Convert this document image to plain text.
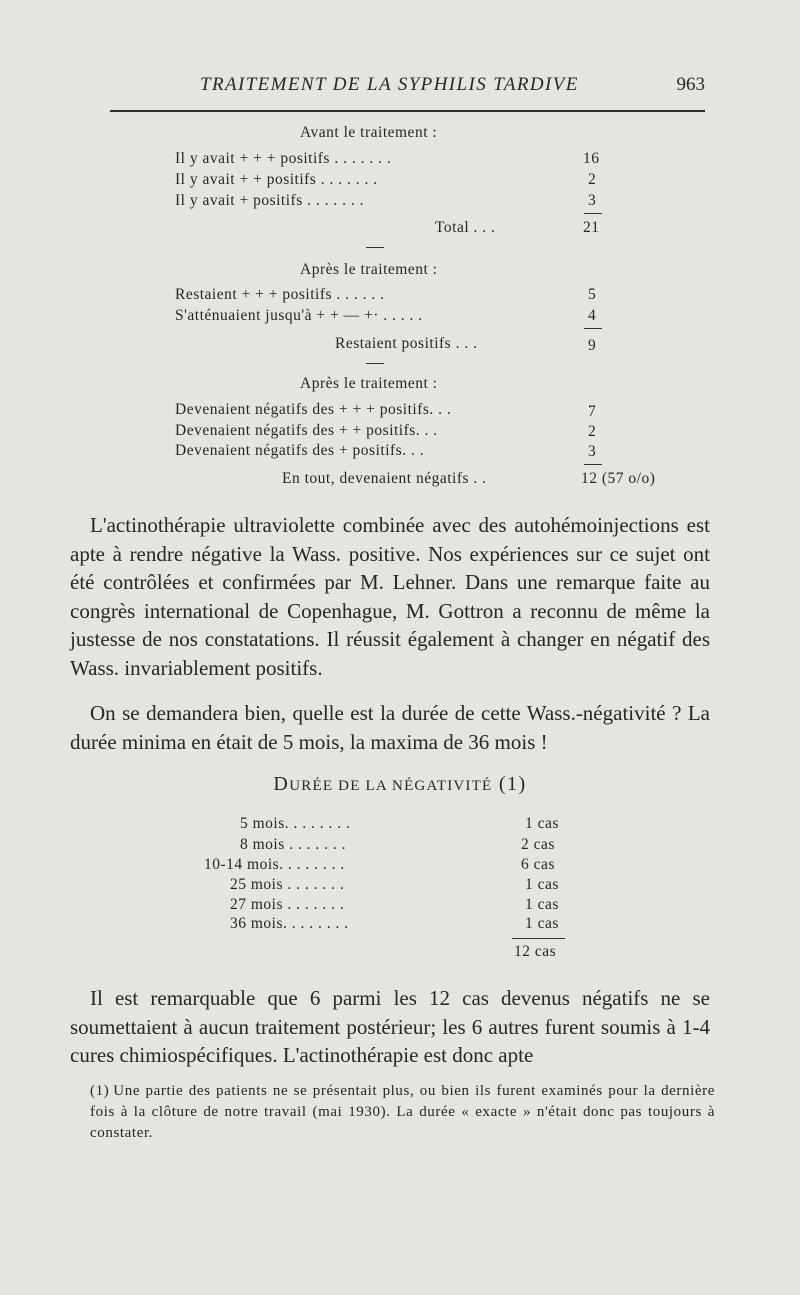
TRAITEMENT DE LA SYPHILIS TARDIVE	963
Avant le traitement :
Il y avait + + + positifs . . . . . . .	16
Il y avait + + positifs . . . . . . .	2
Il y avait + positifs . . . . . . .	3
Total . . .	21
Après le traitement :
Restaient + + + positifs . . . . . .	5
S'atténuaient jusqu'à + + — +· . . . . .	4
Restaient positifs . . .	9
Après le traitement :
Devenaient négatifs des + + + positifs. . .	7
Devenaient négatifs des + + positifs. . .	2
Devenaient négatifs des + positifs. . .	3
En tout, devenaient négatifs . .	12 (57 o/o)

L'actinothérapie ultraviolette combinée avec des autohémoinjections est apte à rendre négative la Wass. positive. Nos expériences sur ce sujet ont été contrôlées et confirmées par M. Lehner. Dans une remarque faite au congrès international de Copenhague, M. Gottron a reconnu de même la justesse de nos constatations. Il réussit également à changer en négatif des Wass. invariablement positifs.

On se demandera bien, quelle est la durée de cette Wass.-négativité ? La durée minima en était de 5 mois, la maxima de 36 mois !

DURÉE DE LA NÉGATIVITÉ (1)
5 mois. . . . . . . .	1 cas
8 mois . . . . . . .	2 cas
10-14 mois. . . . . . . .	6 cas
25 mois . . . . . . .	1 cas
27 mois . . . . . . .	1 cas
36 mois. . . . . . . .	1 cas
12 cas

Il est remarquable que 6 parmi les 12 cas devenus négatifs ne se soumettaient à aucun traitement postérieur; les 6 autres furent soumis à 1-4 cures chimiospécifiques. L'actinothérapie est donc apte

(1) Une partie des patients ne se présentait plus, ou bien ils furent examinés pour la dernière fois à la clôture de notre travail (mai 1930). La durée « exacte » n'était donc pas toujours à constater.
